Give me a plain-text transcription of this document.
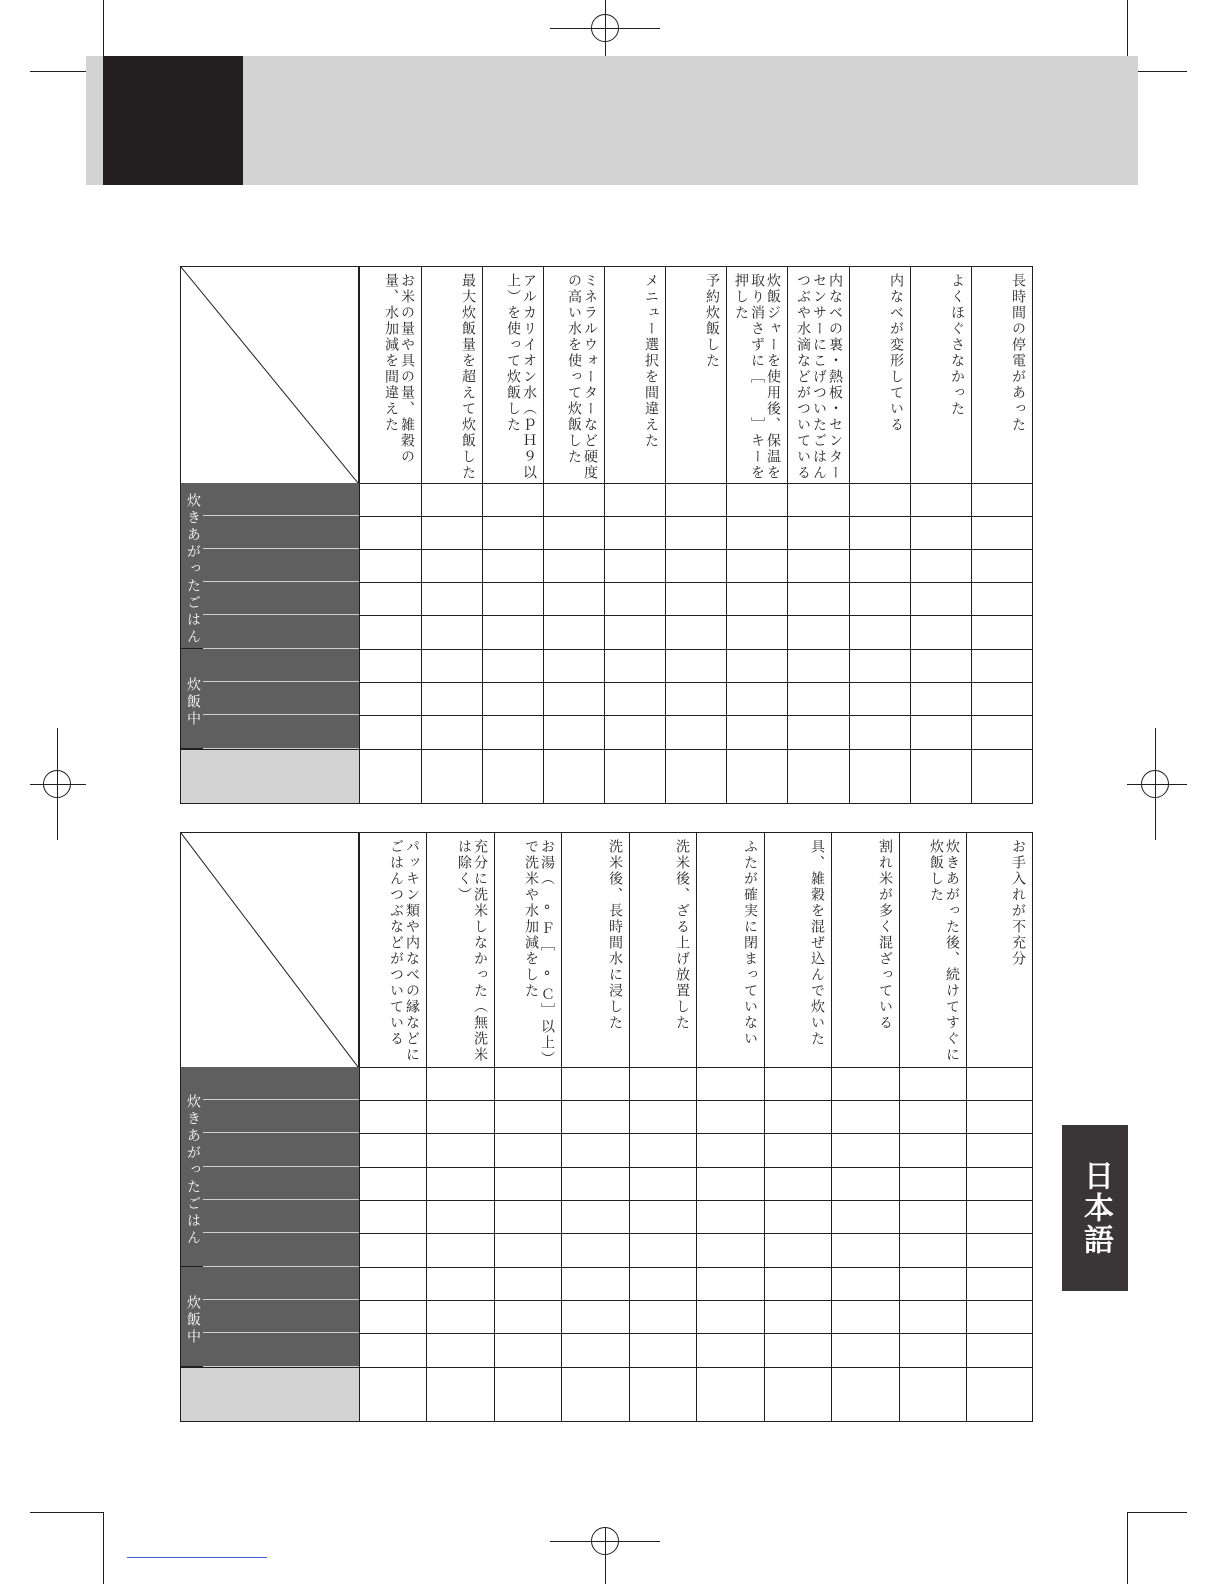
お米の量や具の量、雑穀の量、水加減を間違えた	最大炊飯量を超えて炊飯した	アルカリイオン水（ｐＨ９以上）を使って炊飯した	ミネラルウォーターなど硬度の高い水を使って炊飯した	メニュー選択を間違えた	予約炊飯した	炊飯ジャーを使用後、保温を取り消さずに［　　］キーを押した	内なべの裏・熱板・センターセンサーにこげついたごはんつぶや水滴などがついている	内なべが変形している	よくほぐさなかった	長時間の停電があった
炊きあがったごはん
炊飯中
パッキン類や内なべの縁などにごはんつぶなどがついている	充分に洗米しなかった（無洗米は除く）	お湯（　°Ｆ［　°Ｃ］以上）で洗米や水加減をした	洗米後、長時間水に浸した	洗米後、ざる上げ放置した	ふたが確実に閉まっていない	具、雑穀を混ぜ込んで炊いた	割れ米が多く混ざっている	炊きあがった後、続けてすぐに炊飯した	お手入れが不充分
炊きあがったごはん
炊飯中
日本語
